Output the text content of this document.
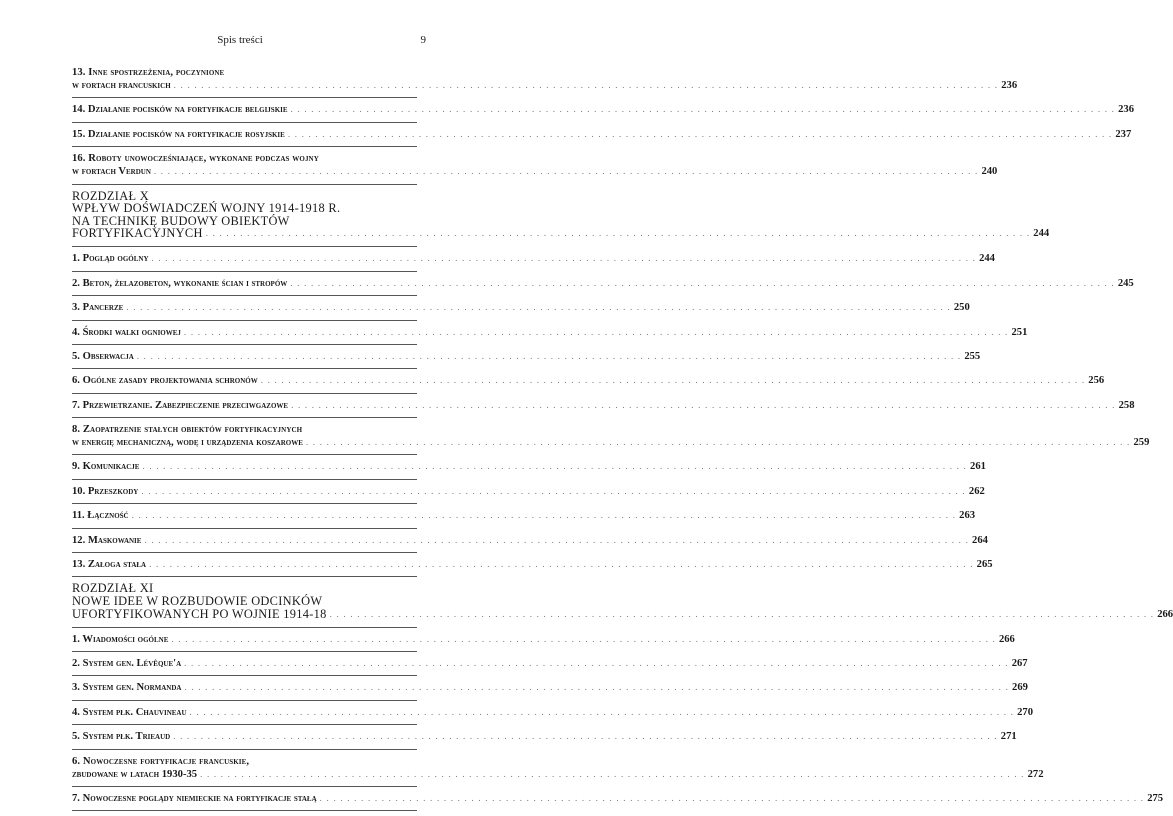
Spis treści	9
13. Inne spostrzeżenia, poczynione
w fortach francuskich . . . . . . . . . . . . . . . . . . . . . . . . . . . . . . . . . . . . . . . . . . . . . . . . . . . . . . . . . . . . . . . . . . . . . . . . . . . . . . . . . . . . . . . . . . . . . . . . . . . . . . . . . . . . . . . . . . . . . . . . 236
14. Działanie pocisków na fortyfikacje belgijskie . . . . . . . . . . . . . . . . . . . . . . . . . . . . . . . . . . . . . . . . . . . . . . . . . . . . . . . . . . . . . . . . . . . . . . . . . . . . . . . . . . . . . . . . . . . . . . . . . . . . . . . . . . . . . . . . . . . . . . . . 236
15. Działanie pocisków na fortyfikacje rosyjskie . . . . . . . . . . . . . . . . . . . . . . . . . . . . . . . . . . . . . . . . . . . . . . . . . . . . . . . . . . . . . . . . . . . . . . . . . . . . . . . . . . . . . . . . . . . . . . . . . . . . . . . . . . . . . . . . . . . . . . . . 237
16. Roboty unowocześniające, wykonane podczas wojny
w fortach Verdun . . . . . . . . . . . . . . . . . . . . . . . . . . . . . . . . . . . . . . . . . . . . . . . . . . . . . . . . . . . . . . . . . . . . . . . . . . . . . . . . . . . . . . . . . . . . . . . . . . . . . . . . . . . . . . . . . . . . . . . . 240
ROZDZIAŁ X
WPŁYW DOŚWIADCZEŃ WOJNY 1914-1918 R.
NA TECHNIKĘ BUDOWY OBIEKTÓW
FORTYFIKACYJNYCH . . . . . . . . . . . . . . . . . . . . . . . . . . . . . . . . . . . . . . . . . . . . . . . . . . . . . . . . . . . . . . . . . . . . . . . . . . . . . . . . . . . . . . . . . . . . . . . . . . . . . . . . . . . . . . . . . . . . . . . . 244
1. Pogląd ogólny . . . . . . . . . . . . . . . . . . . . . . . . . . . . . . . . . . . . . . . . . . . . . . . . . . . . . . . . . . . . . . . . . . . . . . . . . . . . . . . . . . . . . . . . . . . . . . . . . . . . . . . . . . . . . . . . . . . . . . . . 244
2. Beton, żelazobeton, wykonanie ścian i stropów . . . . . . . . . . . . . . . . . . . . . . . . . . . . . . . . . . . . . . . . . . . . . . . . . . . . . . . . . . . . . . . . . . . . . . . . . . . . . . . . . . . . . . . . . . . . . . . . . . . . . . . . . . . . . . . . . . . . . . . . 245
3. Pancerze . . . . . . . . . . . . . . . . . . . . . . . . . . . . . . . . . . . . . . . . . . . . . . . . . . . . . . . . . . . . . . . . . . . . . . . . . . . . . . . . . . . . . . . . . . . . . . . . . . . . . . . . . . . . . . . . . . . . . . . . 250
4. Środki walki ogniowej . . . . . . . . . . . . . . . . . . . . . . . . . . . . . . . . . . . . . . . . . . . . . . . . . . . . . . . . . . . . . . . . . . . . . . . . . . . . . . . . . . . . . . . . . . . . . . . . . . . . . . . . . . . . . . . . . . . . . . . . 251
5. Obserwacja . . . . . . . . . . . . . . . . . . . . . . . . . . . . . . . . . . . . . . . . . . . . . . . . . . . . . . . . . . . . . . . . . . . . . . . . . . . . . . . . . . . . . . . . . . . . . . . . . . . . . . . . . . . . . . . . . . . . . . . . 255
6. Ogólne zasady projektowania schronów . . . . . . . . . . . . . . . . . . . . . . . . . . . . . . . . . . . . . . . . . . . . . . . . . . . . . . . . . . . . . . . . . . . . . . . . . . . . . . . . . . . . . . . . . . . . . . . . . . . . . . . . . . . . . . . . . . . . . . . . 256
7. Przewietrzanie. Zabezpieczenie przeciwgazowe . . . . . . . . . . . . . . . . . . . . . . . . . . . . . . . . . . . . . . . . . . . . . . . . . . . . . . . . . . . . . . . . . . . . . . . . . . . . . . . . . . . . . . . . . . . . . . . . . . . . . . . . . . . . . . . . . . . . . . . . 258
8. Zaopatrzenie stałych obiektów fortyfikacyjnych
w energię mechaniczną, wodę i urządzenia koszarowe . . . . . . . . . . . . . . . . . . . . . . . . . . . . . . . . . . . . . . . . . . . . . . . . . . . . . . . . . . . . . . . . . . . . . . . . . . . . . . . . . . . . . . . . . . . . . . . . . . . . . . . . . . . . . . . . . . . . . . . . 259
9. Komunikacje . . . . . . . . . . . . . . . . . . . . . . . . . . . . . . . . . . . . . . . . . . . . . . . . . . . . . . . . . . . . . . . . . . . . . . . . . . . . . . . . . . . . . . . . . . . . . . . . . . . . . . . . . . . . . . . . . . . . . . . . 261
10. Przeszkody . . . . . . . . . . . . . . . . . . . . . . . . . . . . . . . . . . . . . . . . . . . . . . . . . . . . . . . . . . . . . . . . . . . . . . . . . . . . . . . . . . . . . . . . . . . . . . . . . . . . . . . . . . . . . . . . . . . . . . . . 262
11. Łączność . . . . . . . . . . . . . . . . . . . . . . . . . . . . . . . . . . . . . . . . . . . . . . . . . . . . . . . . . . . . . . . . . . . . . . . . . . . . . . . . . . . . . . . . . . . . . . . . . . . . . . . . . . . . . . . . . . . . . . . . 263
12. Maskowanie . . . . . . . . . . . . . . . . . . . . . . . . . . . . . . . . . . . . . . . . . . . . . . . . . . . . . . . . . . . . . . . . . . . . . . . . . . . . . . . . . . . . . . . . . . . . . . . . . . . . . . . . . . . . . . . . . . . . . . . . 264
13. Załoga stała . . . . . . . . . . . . . . . . . . . . . . . . . . . . . . . . . . . . . . . . . . . . . . . . . . . . . . . . . . . . . . . . . . . . . . . . . . . . . . . . . . . . . . . . . . . . . . . . . . . . . . . . . . . . . . . . . . . . . . . . 265
ROZDZIAŁ XI
NOWE IDEE W ROZBUDOWIE ODCINKÓW
UFORTYFIKOWANYCH PO WOJNIE 1914-18 . . . . . . . . . . . . . . . . . . . . . . . . . . . . . . . . . . . . . . . . . . . . . . . . . . . . . . . . . . . . . . . . . . . . . . . . . . . . . . . . . . . . . . . . . . . . . . . . . . . . . . . . . . . . . . . . . . . . . . . . 266
1. Wiadomości ogólne . . . . . . . . . . . . . . . . . . . . . . . . . . . . . . . . . . . . . . . . . . . . . . . . . . . . . . . . . . . . . . . . . . . . . . . . . . . . . . . . . . . . . . . . . . . . . . . . . . . . . . . . . . . . . . . . . . . . . . . . 266
2. System gen. Lévêque'a . . . . . . . . . . . . . . . . . . . . . . . . . . . . . . . . . . . . . . . . . . . . . . . . . . . . . . . . . . . . . . . . . . . . . . . . . . . . . . . . . . . . . . . . . . . . . . . . . . . . . . . . . . . . . . . . . . . . . . . . 267
3. System gen. Normanda . . . . . . . . . . . . . . . . . . . . . . . . . . . . . . . . . . . . . . . . . . . . . . . . . . . . . . . . . . . . . . . . . . . . . . . . . . . . . . . . . . . . . . . . . . . . . . . . . . . . . . . . . . . . . . . . . . . . . . . . 269
4. System płk. Chauvineau . . . . . . . . . . . . . . . . . . . . . . . . . . . . . . . . . . . . . . . . . . . . . . . . . . . . . . . . . . . . . . . . . . . . . . . . . . . . . . . . . . . . . . . . . . . . . . . . . . . . . . . . . . . . . . . . . . . . . . . . 270
5. System płk. Trieaud . . . . . . . . . . . . . . . . . . . . . . . . . . . . . . . . . . . . . . . . . . . . . . . . . . . . . . . . . . . . . . . . . . . . . . . . . . . . . . . . . . . . . . . . . . . . . . . . . . . . . . . . . . . . . . . . . . . . . . . . 271
6. Nowoczesne fortyfikacje francuskie,
zbudowane w latach 1930-35 . . . . . . . . . . . . . . . . . . . . . . . . . . . . . . . . . . . . . . . . . . . . . . . . . . . . . . . . . . . . . . . . . . . . . . . . . . . . . . . . . . . . . . . . . . . . . . . . . . . . . . . . . . . . . . . . . . . . . . . . 272
7. Nowoczesne poglądy niemieckie na fortyfikacje stałą . . . . . . . . . . . . . . . . . . . . . . . . . . . . . . . . . . . . . . . . . . . . . . . . . . . . . . . . . . . . . . . . . . . . . . . . . . . . . . . . . . . . . . . . . . . . . . . . . . . . . . . . . . . . . . . . . . . . . . . . 275
